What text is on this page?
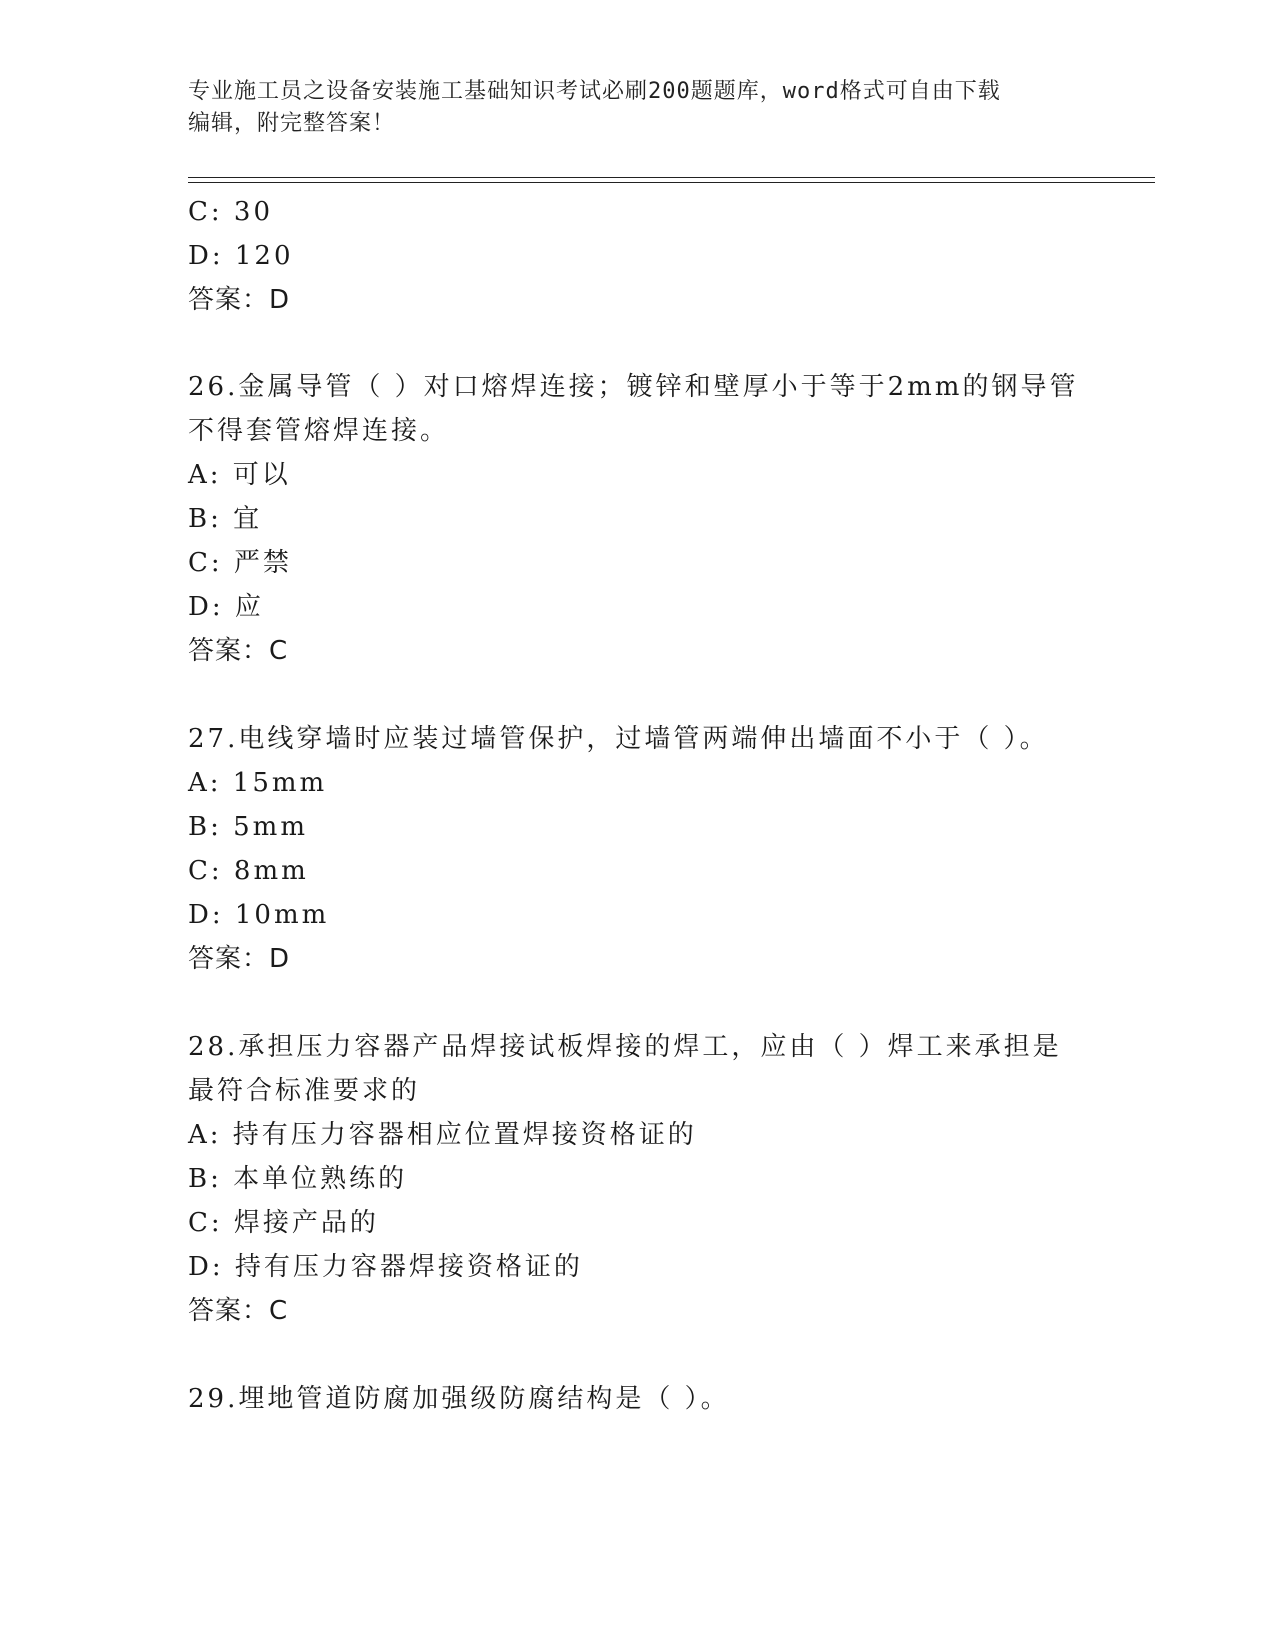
专业施工员之设备安装施工基础知识考试必刷200题题库，word格式可自由下载
编辑，附完整答案！
C: 30
D: 120
答案：D
26.金属导管（ ）对口熔焊连接；镀锌和壁厚小于等于2mm的钢导管
不得套管熔焊连接。
A: 可以
B: 宜
C: 严禁
D: 应
答案：C
27.电线穿墙时应装过墙管保护，过墙管两端伸出墙面不小于（ ）。
A: 15mm
B: 5mm
C: 8mm
D: 10mm
答案：D
28.承担压力容器产品焊接试板焊接的焊工，应由（ ）焊工来承担是
最符合标准要求的
A: 持有压力容器相应位置焊接资格证的
B: 本单位熟练的
C: 焊接产品的
D: 持有压力容器焊接资格证的
答案：C
29.埋地管道防腐加强级防腐结构是（ ）。
